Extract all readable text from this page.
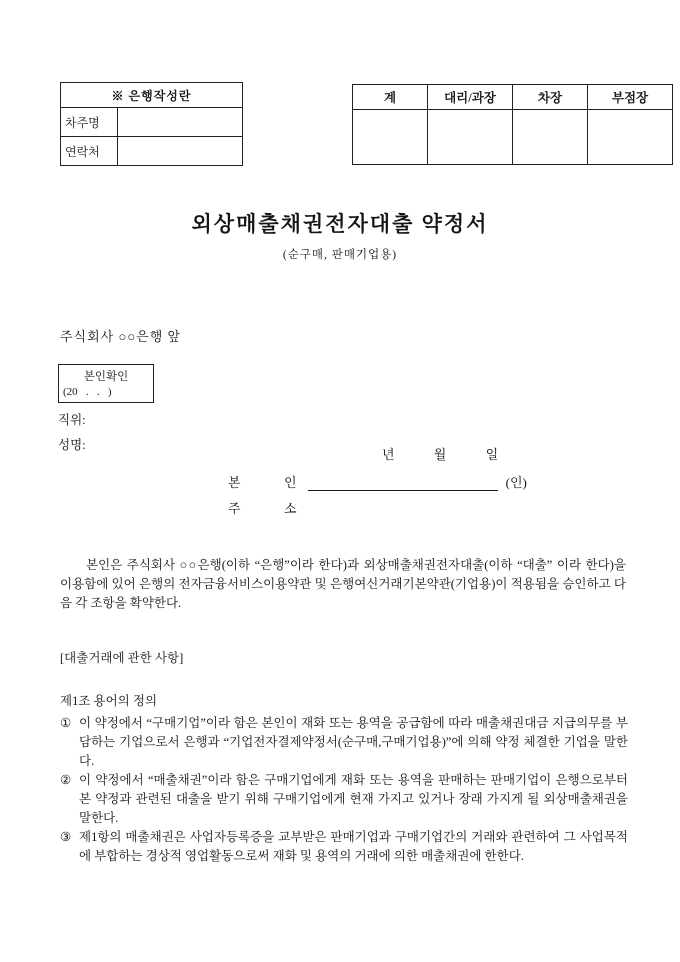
※ 은행작성란	
차주명	
연락처	
계	대리/과장	차장	부점장

외상매출채권전자대출 약정서
(순구매, 판매기업용)
주식회사 ○○은행 앞
본인확인
(20   .   .   )
직위:
성명:
년         월         일
본          인	(인)
주          소
본인은 주식회사 ○○은행(이하 “은행”이라 한다)과 외상매출채권전자대출(이하 “대출” 이라 한다)을 이용함에 있어 은행의 전자금융서비스이용약관 및 은행여신거래기본약관(기업용)이 적용됨을 승인하고 다음 각 조항을 확약한다.
[대출거래에 관한 사항]
제1조 용어의 정의
① 이 약정에서 “구매기업”이라 함은 본인이 재화 또는 용역을 공급함에 따라 매출채권대금 지급의무를 부담하는 기업으로서 은행과 “기업전자결제약정서(순구매,구매기업용)”에 의해 약정 체결한 기업을 말한다.
② 이 약정에서 “매출채권”이라 함은 구매기업에게 재화 또는 용역을 판매하는 판매기업이 은행으로부터 본 약정과 관련된 대출을 받기 위해 구매기업에게 현재 가지고 있거나 장래 가지게 될 외상매출채권을 말한다.
③ 제1항의 매출채권은 사업자등록증을 교부받은 판매기업과 구매기업간의 거래와 관련하여 그 사업목적에 부합하는 경상적 영업활동으로써 재화 및 용역의 거래에 의한 매출채권에 한한다.
